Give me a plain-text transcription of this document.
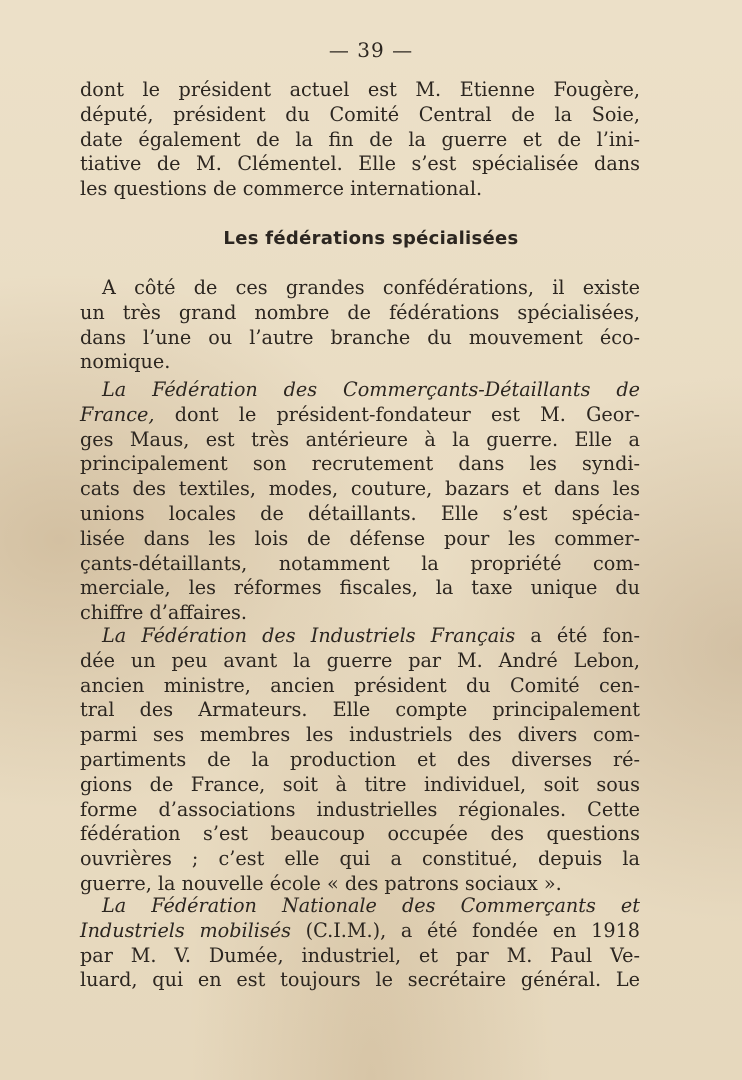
— 39 —
dont le président actuel est M. Etienne Fougère,
député, président du Comité Central de la Soie,
date également de la fin de la guerre et de l’ini-
tiative de M. Clémentel. Elle s’est spécialisée dans
les questions de commerce international.
Les fédérations spécialisées
A côté de ces grandes confédérations, il existe
un très grand nombre de fédérations spécialisées,
dans l’une ou l’autre branche du mouvement éco-
nomique.
La Fédération des Commerçants-Détaillants de
France, dont le président-fondateur est M. Geor-
ges Maus, est très antérieure à la guerre. Elle a
principalement son recrutement dans les syndi-
cats des textiles, modes, couture, bazars et dans les
unions locales de détaillants. Elle s’est spécia-
lisée dans les lois de défense pour les commer-
çants-détaillants, notamment la propriété com-
merciale, les réformes fiscales, la taxe unique du
chiffre d’affaires.
La Fédération des Industriels Français a été fon-
dée un peu avant la guerre par M. André Lebon,
ancien ministre, ancien président du Comité cen-
tral des Armateurs. Elle compte principalement
parmi ses membres les industriels des divers com-
partiments de la production et des diverses ré-
gions de France, soit à titre individuel, soit sous
forme d’associations industrielles régionales. Cette
fédération s’est beaucoup occupée des questions
ouvrières ; c’est elle qui a constitué, depuis la
guerre, la nouvelle école « des patrons sociaux ».
La Fédération Nationale des Commerçants et
Industriels mobilisés (C.I.M.), a été fondée en 1918
par M. V. Dumée, industriel, et par M. Paul Ve-
luard, qui en est toujours le secrétaire général. Le
